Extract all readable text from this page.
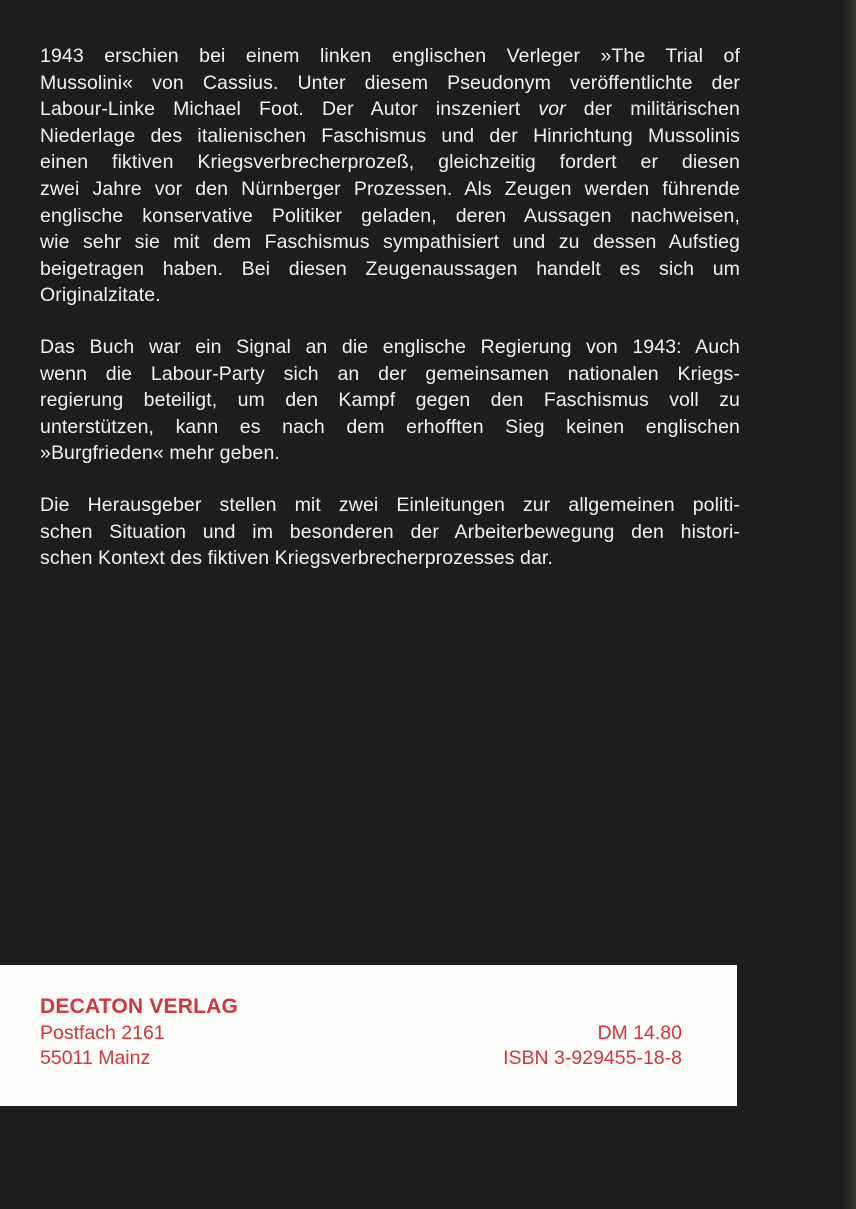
1943 erschien bei einem linken englischen Verleger »The Trial of
Mussolini« von Cassius. Unter diesem Pseudonym veröffentlichte der
Labour-Linke Michael Foot. Der Autor inszeniert vor der militärischen
Niederlage des italienischen Faschismus und der Hinrichtung Mussolinis
einen fiktiven Kriegsverbrecherprozeß, gleichzeitig fordert er diesen
zwei Jahre vor den Nürnberger Prozessen. Als Zeugen werden führende
englische konservative Politiker geladen, deren Aussagen nachweisen,
wie sehr sie mit dem Faschismus sympathisiert und zu dessen Aufstieg
beigetragen haben. Bei diesen Zeugenaussagen handelt es sich um
Originalzitate.

Das Buch war ein Signal an die englische Regierung von 1943: Auch
wenn die Labour-Party sich an der gemeinsamen nationalen Kriegs-
regierung beteiligt, um den Kampf gegen den Faschismus voll zu
unterstützen, kann es nach dem erhofften Sieg keinen englischen
»Burgfrieden« mehr geben.

Die Herausgeber stellen mit zwei Einleitungen zur allgemeinen politi-
schen Situation und im besonderen der Arbeiterbewegung den histori-
schen Kontext des fiktiven Kriegsverbrecherprozesses dar.

DECATON VERLAG
Postfach 2161
55011 Mainz
DM 14.80
ISBN 3-929455-18-8
